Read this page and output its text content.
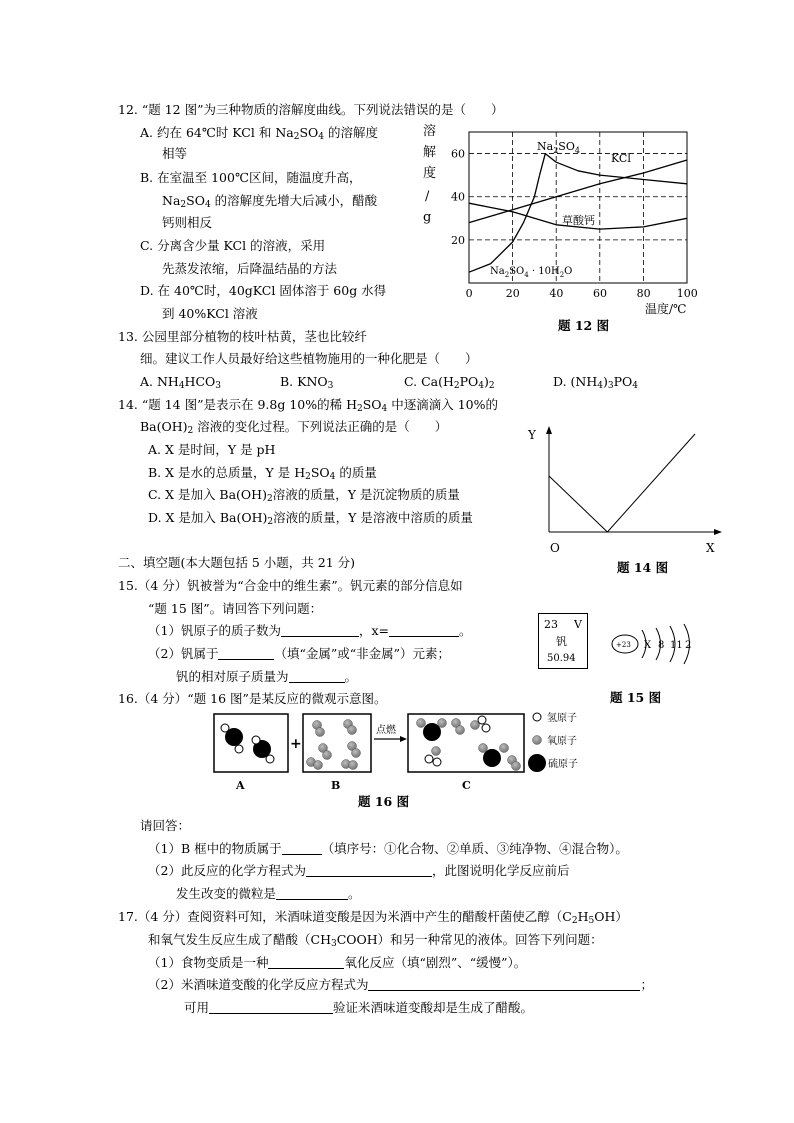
12. “题 12 图”为三种物质的溶解度曲线。下列说法错误的是（　　）
A. 约在 64℃时 KCl 和 $Na_2SO_4$ 的溶解度
相等
B. 在室温至 100℃区间，随温度升高，
$Na_2SO_4$ 的溶解度先增大后减小，醋酸
钙则相反
C. 分离含少量 KCl 的溶液，采用
先蒸发浓缩，后降温结晶的方法
D. 在 40℃时，40gKCl 固体溶于 60g 水得
到 40%KCl 溶液
溶
解
度
/
g
0	20	40	60	80 100
20
40
60
$Na_2SO_4$
KCl
草酸钙
$Na_2SO_4 \cdot 10H_2O$
温度/℃
题 12 图
13. 公园里部分植物的枝叶枯黄，茎也比较纤
细。建议工作人员最好给这些植物施用的一种化肥是（　　）
A. $NH_4HCO_3$	B. $KNO_3$	C. $Ca(H_2PO_4)_2$	D. $(NH_4)_3PO_4$
14. “题 14 图”是表示在 9.8g 10%的稀 $H_2SO_4$ 中逐滴滴入 10%的
$Ba(OH)_2$ 溶液的变化过程。下列说法正确的是（　　）
A. X 是时间，Y 是 pH
B. X 是水的总质量，Y 是 $H_2SO_4$ 的质量
C. X 是加入 $Ba(OH)_2$溶液的质量，Y 是沉淀物质的质量
D. X 是加入 $Ba(OH)_2$溶液的质量，Y 是溶液中溶质的质量
Y
O	X
题 14 图
二、填空题(本大题包括 5 小题，共 21 分)
15.（4 分）钒被誉为“合金中的维生素”。钒元素的部分信息如
“题 15 图”。请回答下列问题：
（1）钒原子的质子数为	，x=	。
（2）钒属于	（填“金属”或“非金属”）元素；
钒的相对原子质量为	。
23 V
钒
50.94
+23 X 8 11 2
题 15 图
16.（4 分）“题 16 图”是某反应的微观示意图。
A
+
B
点燃
C
氢原子
氧原子
硫原子
题 16 图
请回答：
（1）B 框中的物质属于	（填序号：①化合物、②单质、③纯净物、④混合物）。
（2）此反应的化学方程式为	，此图说明化学反应前后
发生改变的微粒是	。
17.（4 分）查阅资料可知，米酒味道变酸是因为米酒中产生的醋酸杆菌使乙醇$(C_2H_5OH)$
和氧气发生反应生成了醋酸$(CH_3COOH)$和另一种常见的液体。回答下列问题：
（1）食物变质是一种	氧化反应（填“剧烈”、“缓慢”）。
（2）米酒味道变酸的化学反应方程式为	；
可用	验证米酒味道变酸却是生成了醋酸。
